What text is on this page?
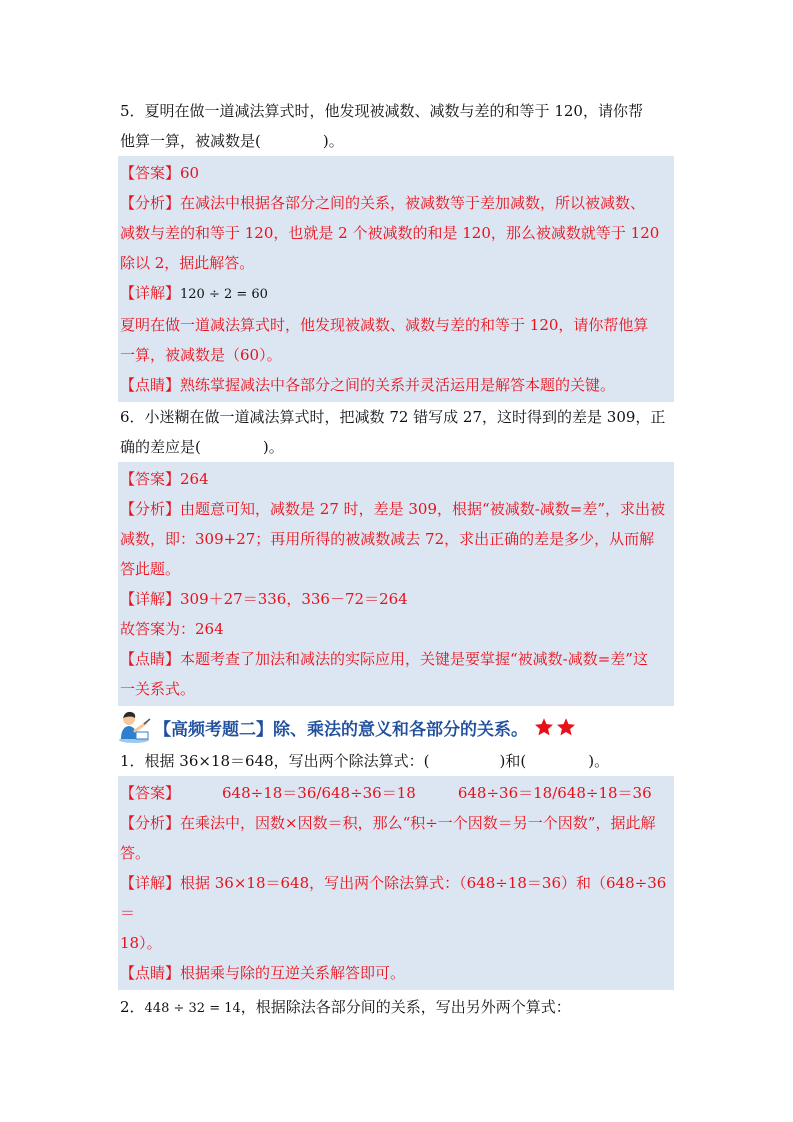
5．夏明在做一道减法算式时，他发现被减数、减数与差的和等于 120，请你帮
他算一算，被减数是(	)。
【答案】60
【分析】在减法中根据各部分之间的关系，被减数等于差加减数，所以被减数、
减数与差的和等于 120，也就是 2 个被减数的和是 120，那么被减数就等于 120
除以 2，据此解答。
【详解】120 ÷ 2 = 60
夏明在做一道减法算式时，他发现被减数、减数与差的和等于 120，请你帮他算
一算，被减数是（60）。
【点睛】熟练掌握减法中各部分之间的关系并灵活运用是解答本题的关键。
6．小迷糊在做一道减法算式时，把减数 72 错写成 27，这时得到的差是 309，正
确的差应是(	)。
【答案】264
【分析】由题意可知，减数是 27 时，差是 309，根据“被减数-减数=差”，求出被
减数，即：309+27；再用所得的被减数减去 72，求出正确的差是多少，从而解
答此题。
【详解】309＋27＝336，336－72＝264
故答案为：264
【点睛】本题考查了加法和减法的实际应用，关键是要掌握“被减数-减数=差”这
一关系式。
【高频考题二】除、乘法的意义和各部分的关系。
1．根据 36×18＝648，写出两个除法算式：(	)和(	)。
【答案】	648÷18＝36/648÷36＝18	648÷36＝18/648÷18＝36
【分析】在乘法中，因数×因数＝积，那么“积÷一个因数＝另一个因数”，据此解
答。
【详解】根据 36×18＝648，写出两个除法算式：（648÷18＝36）和（648÷36＝
18）。
【点睛】根据乘与除的互逆关系解答即可。
2．448 ÷ 32 = 14，根据除法各部分间的关系，写出另外两个算式：
